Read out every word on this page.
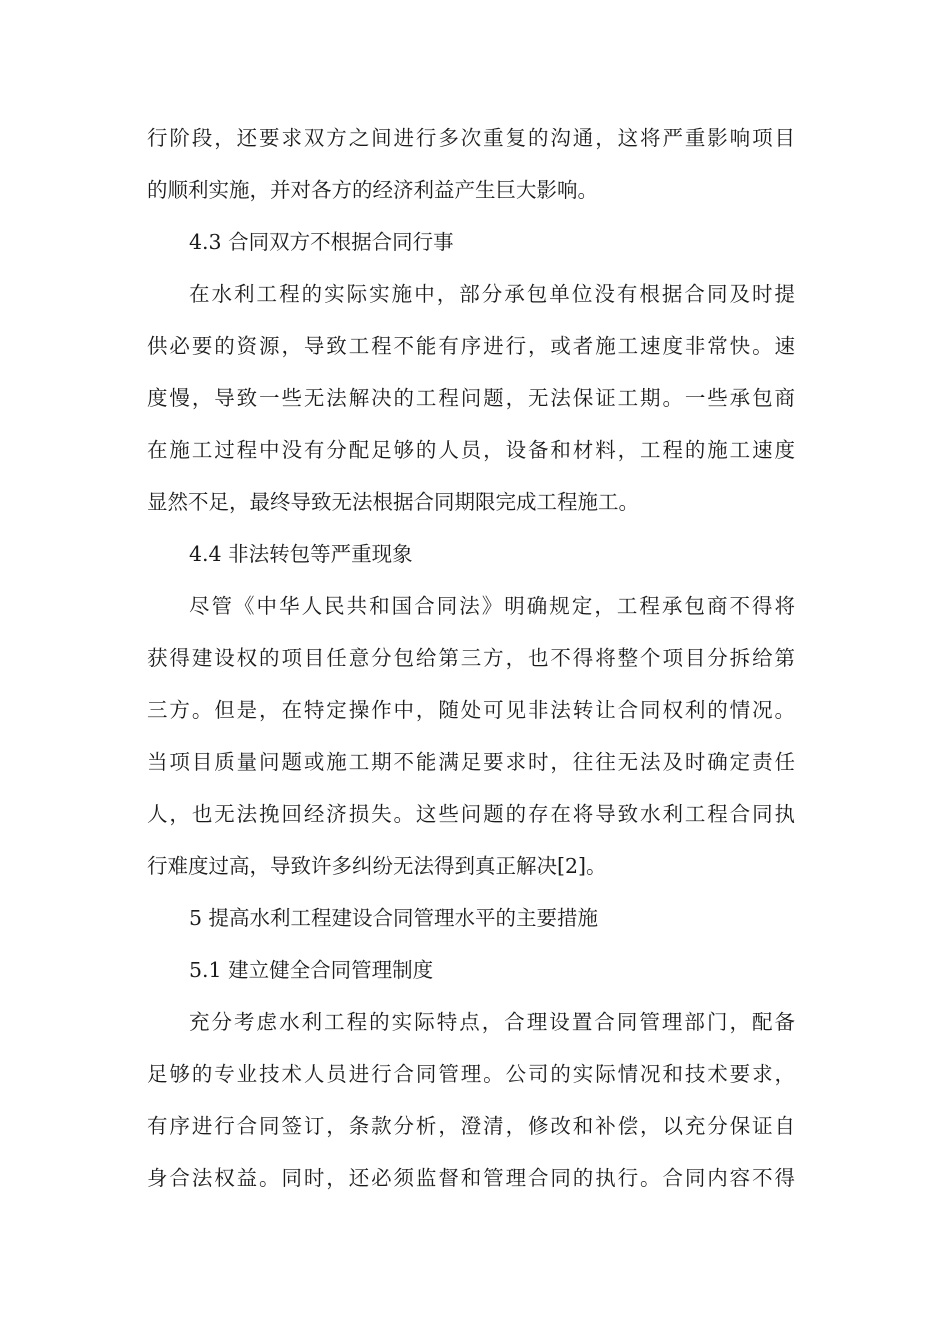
行阶段，还要求双方之间进行多次重复的沟通，这将严重影响项目
的顺利实施，并对各方的经济利益产生巨大影响。
4.3 合同双方不根据合同行事
在水利工程的实际实施中，部分承包单位没有根据合同及时提
供必要的资源，导致工程不能有序进行，或者施工速度非常快。速
度慢，导致一些无法解决的工程问题，无法保证工期。一些承包商
在施工过程中没有分配足够的人员，设备和材料，工程的施工速度
显然不足，最终导致无法根据合同期限完成工程施工。
4.4 非法转包等严重现象
尽管《中华人民共和国合同法》明确规定，工程承包商不得将
获得建设权的项目任意分包给第三方，也不得将整个项目分拆给第
三方。但是，在特定操作中，随处可见非法转让合同权利的情况。
当项目质量问题或施工期不能满足要求时，往往无法及时确定责任
人，也无法挽回经济损失。这些问题的存在将导致水利工程合同执
行难度过高，导致许多纠纷无法得到真正解决[2]。
5 提高水利工程建设合同管理水平的主要措施
5.1 建立健全合同管理制度
充分考虑水利工程的实际特点，合理设置合同管理部门，配备
足够的专业技术人员进行合同管理。公司的实际情况和技术要求，
有序进行合同签订，条款分析，澄清，修改和补偿，以充分保证自
身合法权益。同时，还必须监督和管理合同的执行。合同内容不得
